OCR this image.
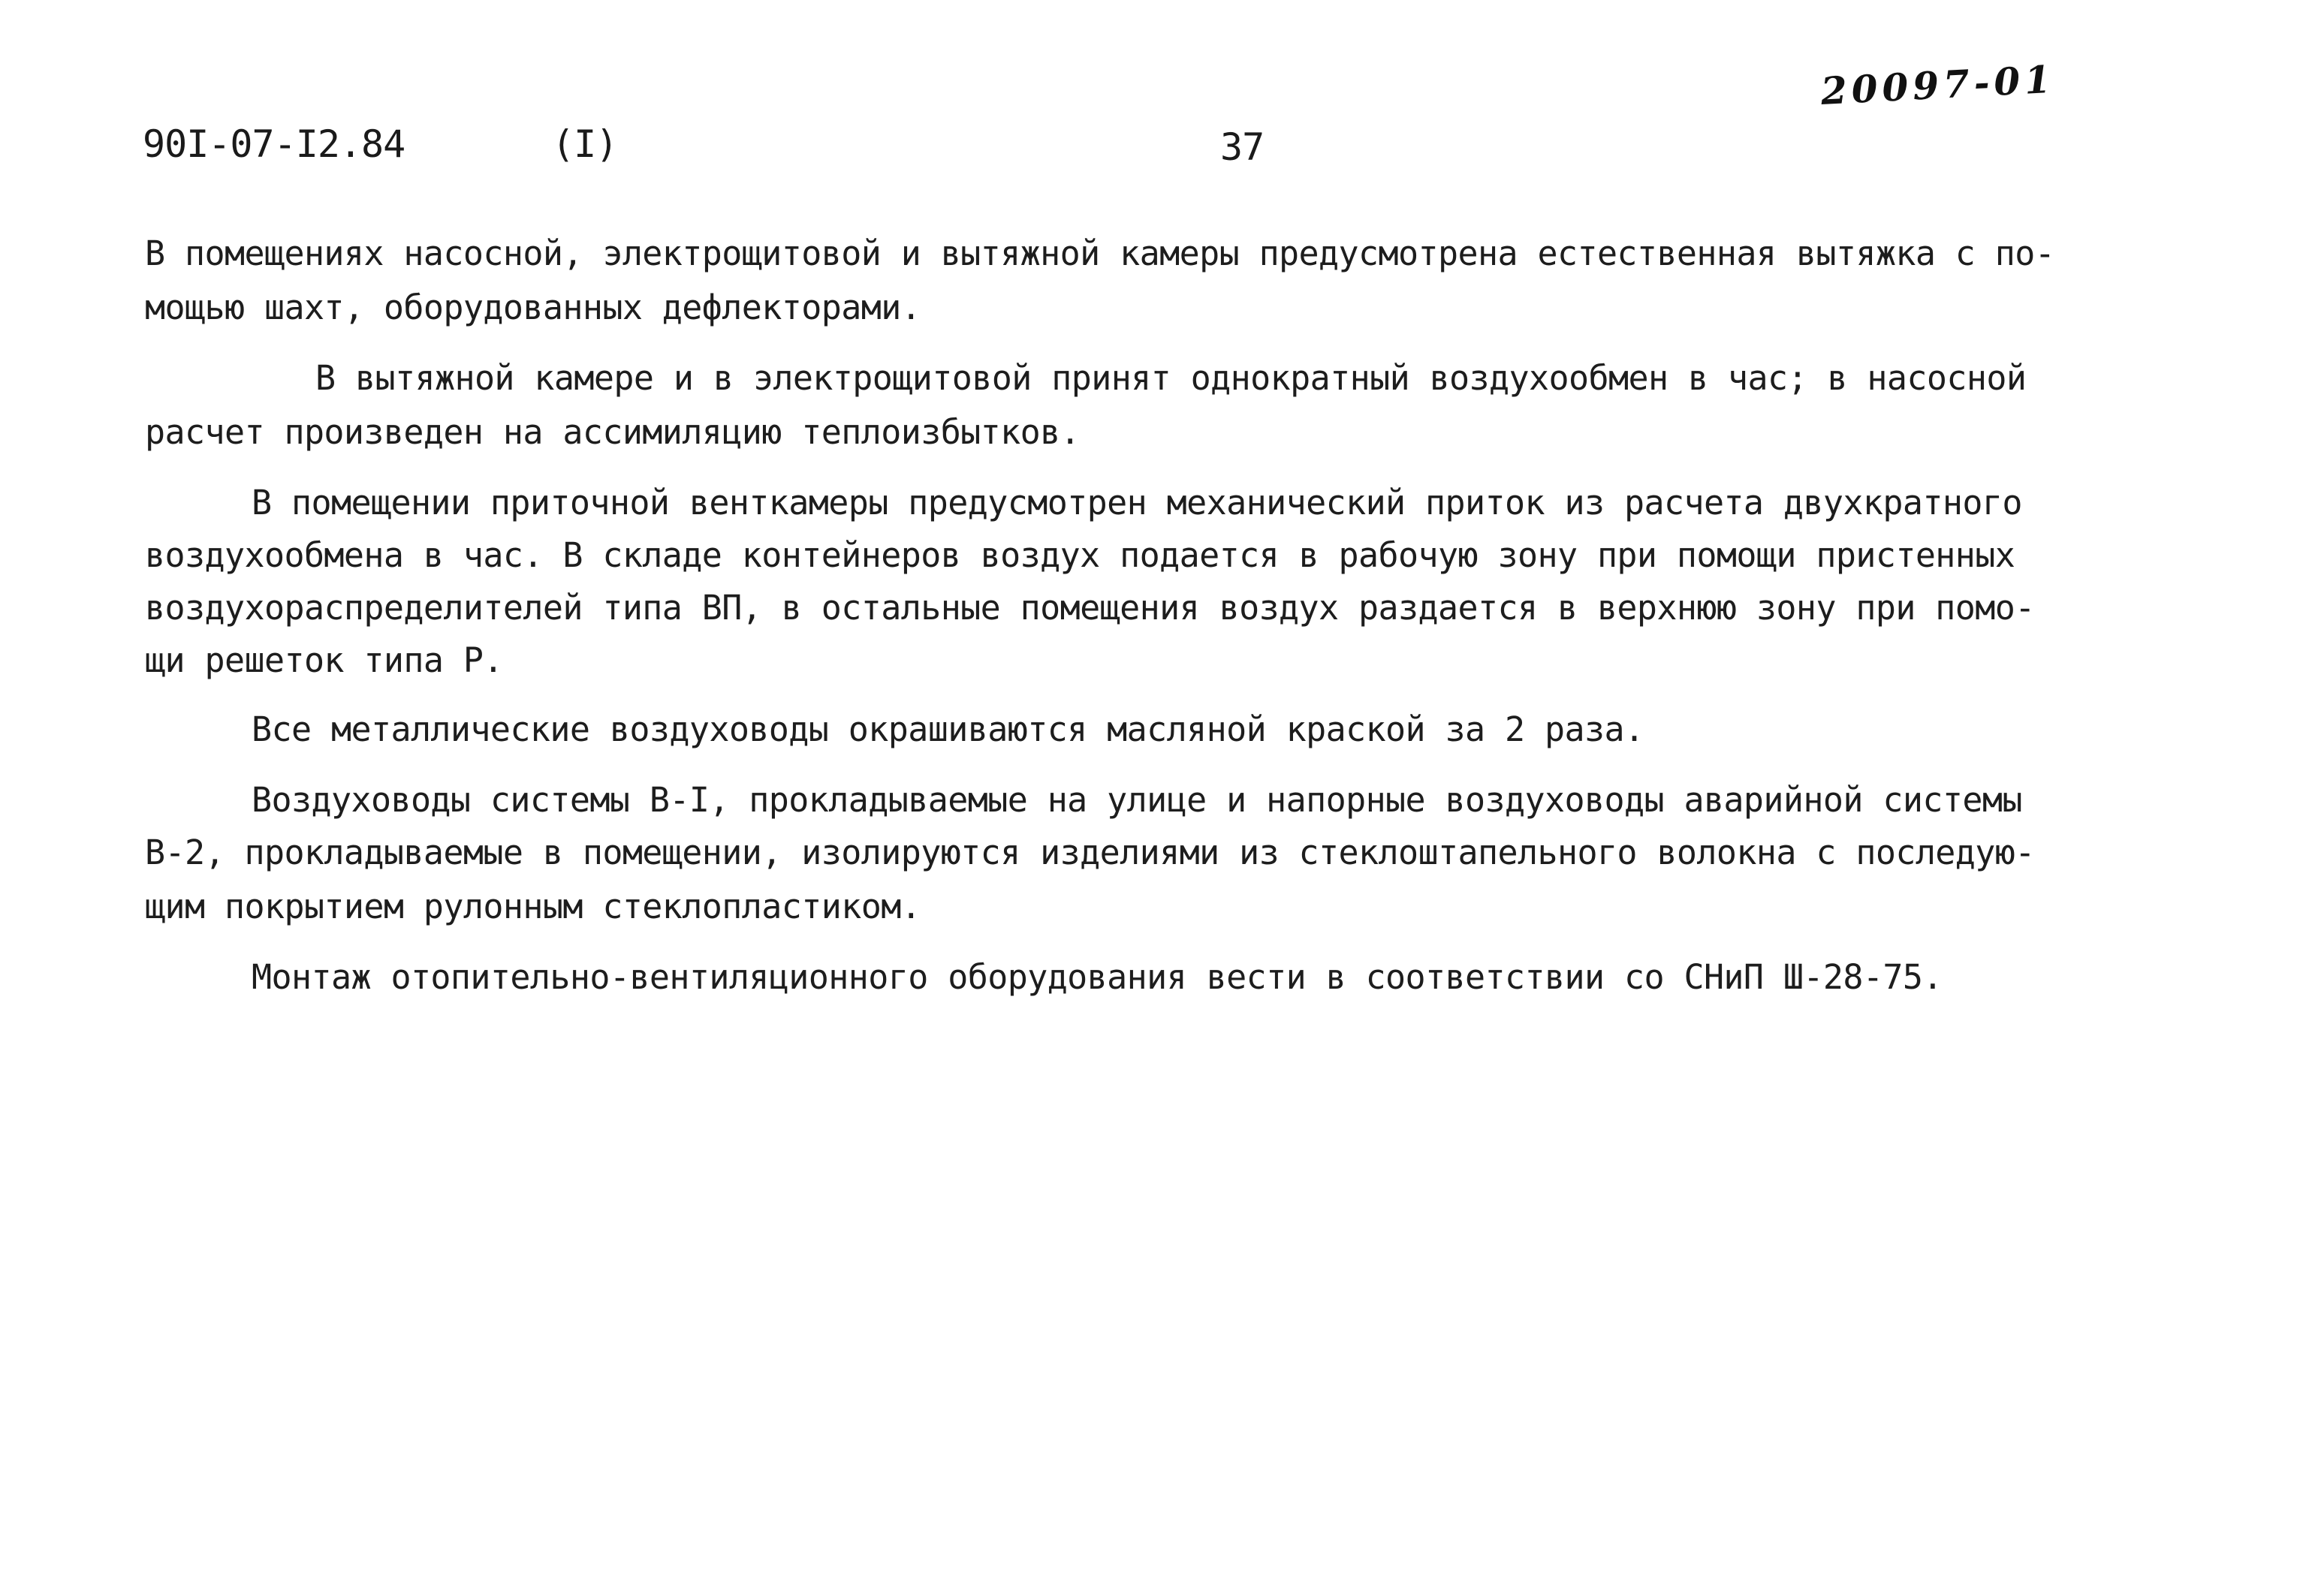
90I-07-I2.84	(I)	37
20097-01
В помещениях насосной, электрощитовой и вытяжной камеры предусмотрена естественная вытяжка с по-
мощью шахт, оборудованных дефлекторами.
В вытяжной камере и в электрощитовой принят однократный воздухообмен в час; в насосной
расчет произведен на ассимиляцию теплоизбытков.
В помещении приточной венткамеры предусмотрен механический приток из расчета двухкратного
воздухообмена в час. В складе контейнеров воздух подается в рабочую зону при помощи пристенных
воздухораспределителей типа ВП, в остальные помещения воздух раздается в верхнюю зону при помо-
щи решеток типа Р.
Все металлические воздуховоды окрашиваются масляной краской за 2 раза.
Воздуховоды системы В-I, прокладываемые на улице и напорные воздуховоды аварийной системы
В-2, прокладываемые в помещении, изолируются изделиями из стеклоштапельного волокна с последую-
щим покрытием рулонным стеклопластиком.
Монтаж отопительно-вентиляционного оборудования вести в соответствии со СНиП Ш-28-75.
